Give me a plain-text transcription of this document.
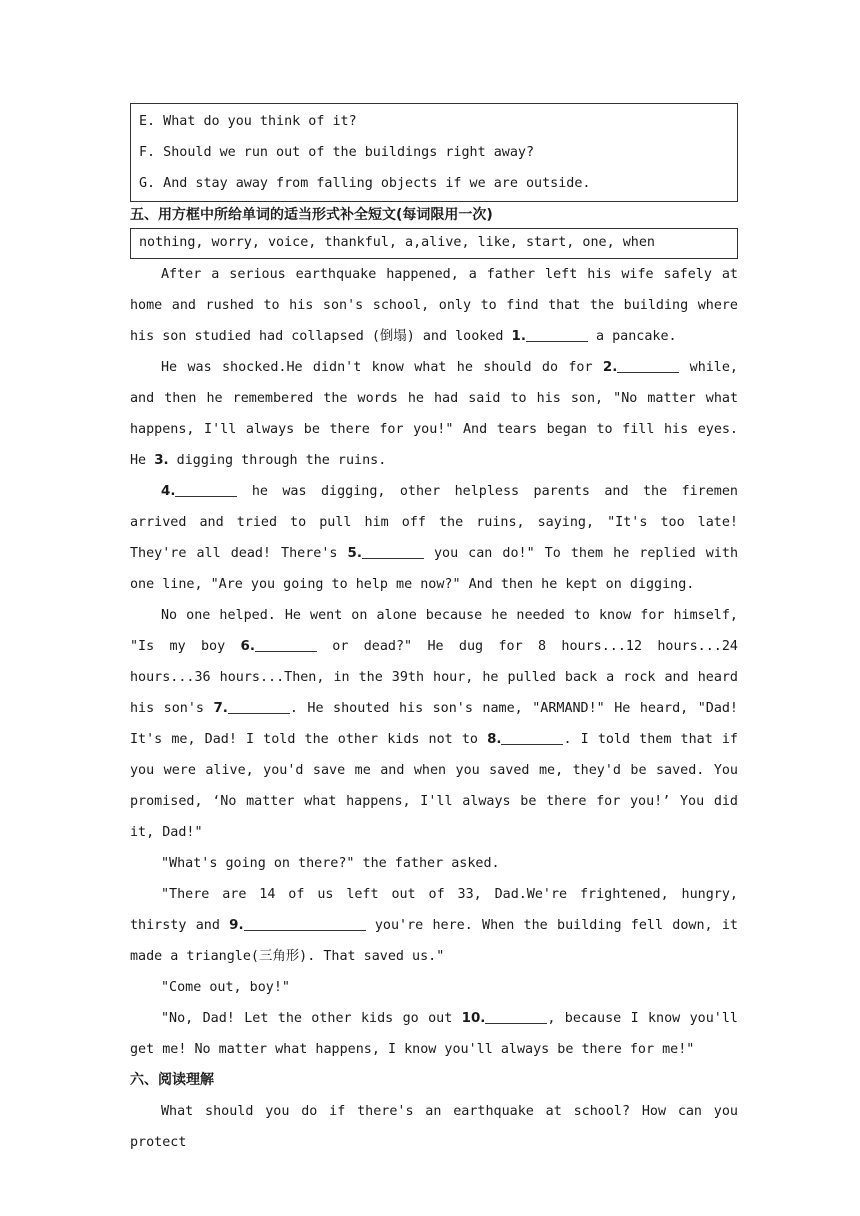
E. What do you think of it?
F. Should we run out of the buildings right away?
G. And stay away from falling objects if we are outside.
五、用方框中所给单词的适当形式补全短文(每词限用一次)
nothing, worry, voice, thankful, a,alive, like, start, one, when

After a serious earthquake happened, a father left his wife safely at home and rushed to his son's school, only to find that the building where his son studied had collapsed (倒塌) and looked 1.	a pancake.

He was shocked.He didn't know what he should do for 2.	while, and then he remembered the words he had said to his son, "No matter what happens, I'll always be there for you!" And tears began to fill his eyes. He 3. digging through the ruins.

4.	he was digging, other helpless parents and the firemen arrived and tried to pull him off the ruins, saying, "It's too late! They're all dead! There's 5.	you can do!" To them he replied with one line, "Are you going to help me now?" And then he kept on digging.

No one helped. He went on alone because he needed to know for himself, "Is my boy 6.	or dead?" He dug for 8 hours...12 hours...24 hours...36 hours...Then, in the 39th hour, he pulled back a rock and heard his son's 7.	. He shouted his son's name, "ARMAND!" He heard, "Dad! It's me, Dad! I told the other kids not to 8.	. I told them that if you were alive, you'd save me and when you saved me, they'd be saved. You promised, ‘No matter what happens, I'll always be there for you!’ You did it, Dad!"

"What's going on there?" the father asked.

"There are 14 of us left out of 33, Dad.We're frightened, hungry, thirsty and 9.	you're here. When the building fell down, it made a triangle(三角形). That saved us."

"Come out, boy!"

"No, Dad! Let the other kids go out 10.	, because I know you'll get me! No matter what happens, I know you'll always be there for me!"

六、阅读理解

What should you do if there's an earthquake at school? How can you protect
